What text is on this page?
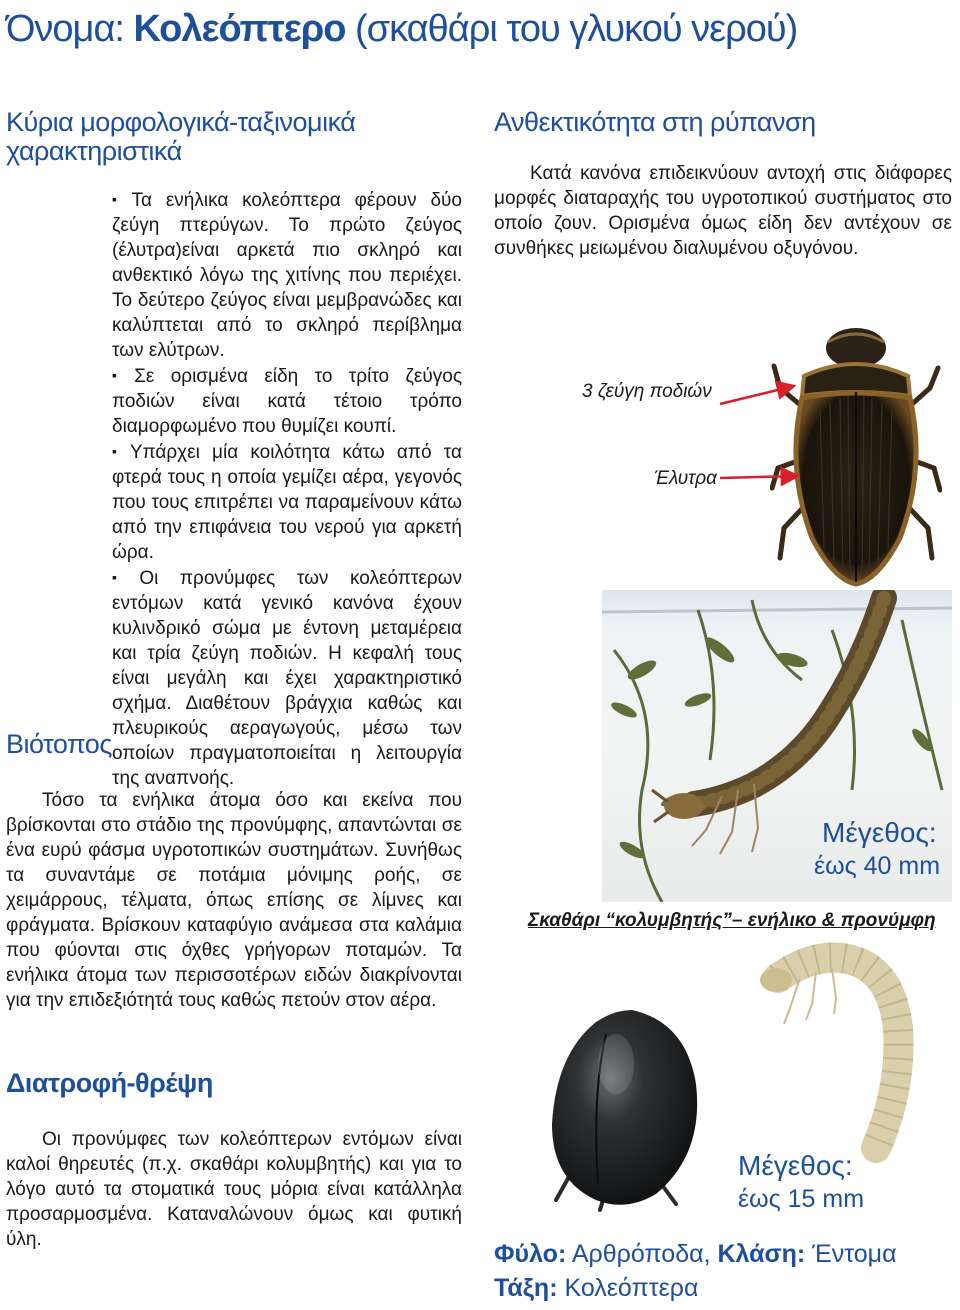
Όνομα: Κολεόπτερο (σκαθάρι του γλυκού νερού)
Κύρια μορφολογικά-ταξινομικά
χαρακτηριστικά

▪ Τα ενήλικα κολεόπτερα φέρουν δύο ζεύγη πτερύγων. Το πρώτο ζεύγος (έλυτρα)είναι αρκετά πιο σκληρό και ανθεκτικό λόγω της χιτίνης που περιέχει. Το δεύτερο ζεύγος είναι μεμβρανώδες και καλύπτεται από το σκληρό περίβλημα των ελύτρων.

▪ Σε ορισμένα είδη το τρίτο ζεύγος ποδιών είναι κατά τέτοιο τρόπο διαμορφωμένο που θυμίζει κουπί.

▪ Υπάρχει μία κοιλότητα κάτω από τα φτερά τους η οποία γεμίζει αέρα, γεγονός που τους επιτρέπει να παραμείνουν κάτω από την επιφάνεια του νερού για αρκετή ώρα.

▪ Οι προνύμφες των κολεόπτερων εντόμων κατά γενικό κανόνα έχουν κυλινδρικό σώμα με έντονη μεταμέρεια και τρία ζεύγη ποδιών. Η κεφαλή τους είναι μεγάλη και έχει χαρακτηριστικό σχήμα. Διαθέτουν βράγχια καθώς και πλευρικούς αεραγωγούς, μέσω των οποίων πραγματοποιείται η λειτουργία της αναπνοής.

Βιότοπος
Τόσο τα ενήλικα άτομα όσο και εκείνα που βρίσκονται στο στάδιο της προνύμφης, απαντώνται σε ένα ευρύ φάσμα υγροτοπικών συστημάτων. Συνήθως τα συναντάμε σε ποτάμια μόνιμης ροής, σε χειμάρρους, τέλματα, όπως επίσης σε λίμνες και φράγματα. Βρίσκουν καταφύγιο ανάμεσα στα καλάμια που φύονται στις όχθες γρήγορων ποταμών. Τα ενήλικα άτομα των περισσοτέρων ειδών διακρίνονται για την επιδεξιότητά τους καθώς πετούν στον αέρα.
Διατροφή-θρέψη
Οι προνύμφες των κολεόπτερων εντόμων είναι καλοί θηρευτές (π.χ. σκαθάρι κολυμβητής) και για το λόγο αυτό τα στοματικά τους μόρια είναι κατάλληλα προσαρμοσμένα. Καταναλώνουν όμως και φυτική ύλη.
Ανθεκτικότητα στη ρύπανση
Κατά κανόνα επιδεικνύουν αντοχή στις διάφορες μορφές διαταραχής του υγροτοπικού συστήματος στο οποίο ζουν. Ορισμένα όμως είδη δεν αντέχουν σε συνθήκες μειωμένου διαλυμένου οξυγόνου.
3 ζεύγη ποδιών
Έλυτρα
Μέγεθος:
έως 40 mm
Σκαθάρι “κολυμβητής”– ενήλικο & προνύμφη
Μέγεθος:
έως 15 mm
Φύλο: Αρθρόποδα, Κλάση: Έντομα
Τάξη: Κολεόπτερα
